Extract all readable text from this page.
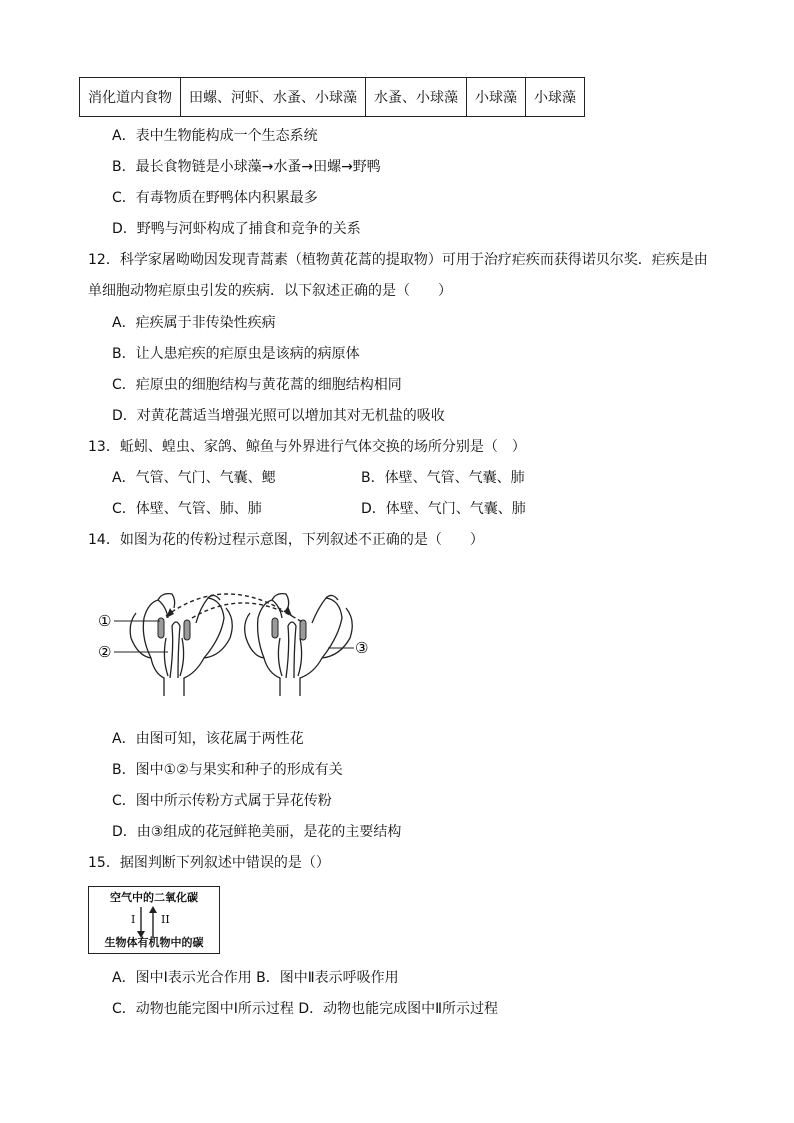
消化道内食物	田螺、河虾、水蚤、小球藻	水蚤、小球藻	小球藻	小球藻
A．表中生物能构成一个生态系统
B．最长食物链是小球藻→水蚤→田螺→野鸭
C．有毒物质在野鸭体内积累最多
D．野鸭与河虾构成了捕食和竞争的关系
12．科学家屠呦呦因发现青蒿素（植物黄花蒿的提取物）可用于治疗疟疾而获得诺贝尔奖．疟疾是由
单细胞动物疟原虫引发的疾病．以下叙述正确的是（　　）
A．疟疾属于非传染性疾病
B．让人患疟疾的疟原虫是该病的病原体
C．疟原虫的细胞结构与黄花蒿的细胞结构相同
D．对黄花蒿适当增强光照可以增加其对无机盐的吸收
13．蚯蚓、蝗虫、家鸽、鲸鱼与外界进行气体交换的场所分别是（　）
A．气管、气门、气囊、鳃	B．体壁、气管、气囊、肺
C．体壁、气管、肺、肺	D．体壁、气门、气囊、肺
14．如图为花的传粉过程示意图，下列叙述不正确的是（　　）
①
②	③
A．由图可知，该花属于两性花
B．图中①②与果实和种子的形成有关
C．图中所示传粉方式属于异花传粉
D．由③组成的花冠鲜艳美丽，是花的主要结构
15．据图判断下列叙述中错误的是（）
空气中的二氧化碳
I II
生物体有机物中的碳
A．图中Ⅰ表示光合作用 B．图中Ⅱ表示呼吸作用
C．动物也能完图中Ⅰ所示过程 D．动物也能完成图中Ⅱ所示过程
